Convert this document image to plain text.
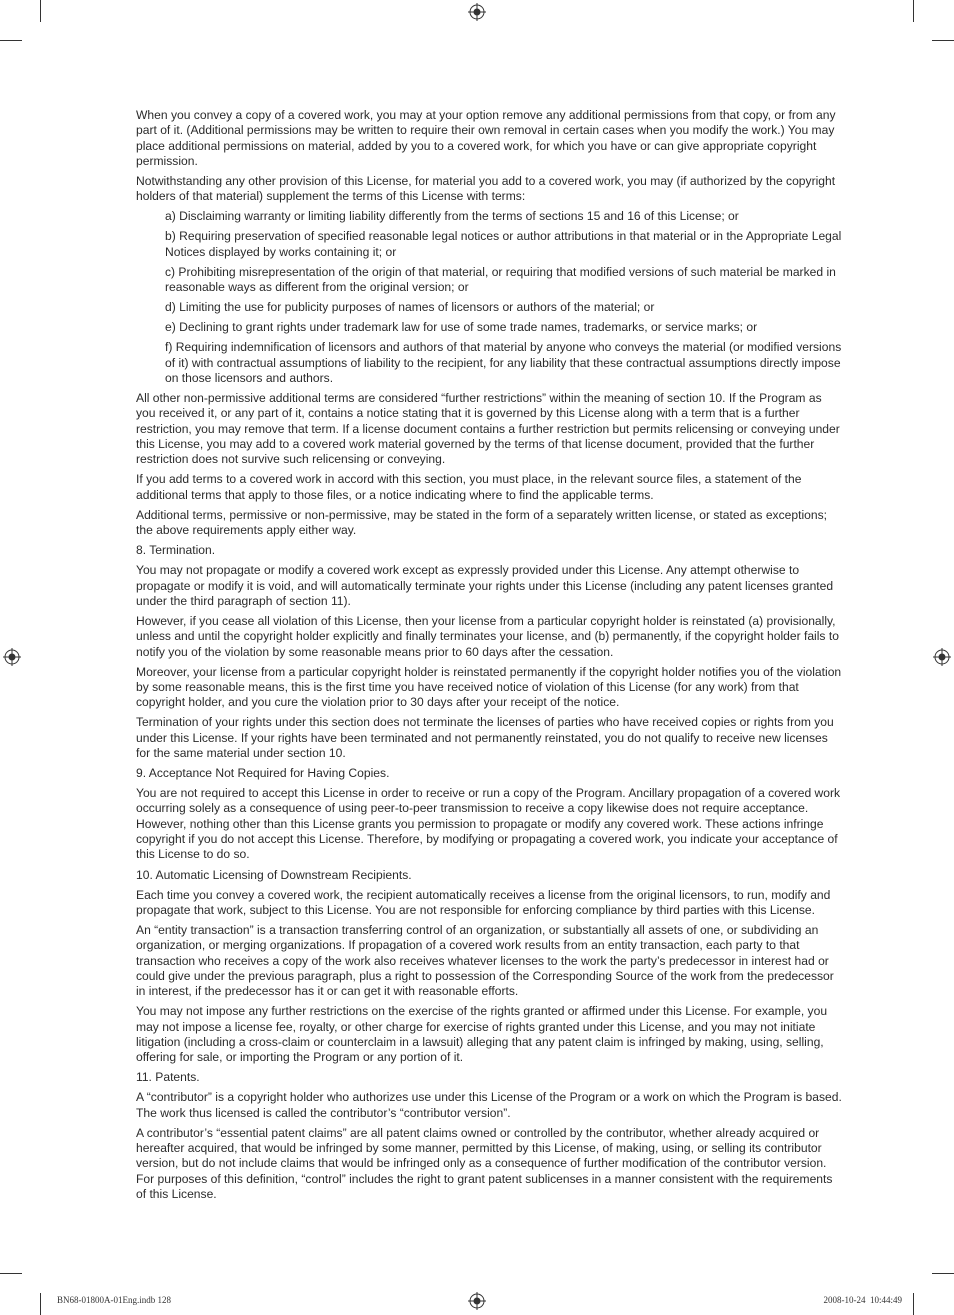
When you convey a copy of a covered work, you may at your option remove any additional permissions from that copy, or from any part of it. (Additional permissions may be written to require their own removal in certain cases when you modify the work.) You may place additional permissions on material, added by you to a covered work, for which you have or can give appropriate copyright permission.

Notwithstanding any other provision of this License, for material you add to a covered work, you may (if authorized by the copyright holders of that material) supplement the terms of this License with terms:

a) Disclaiming warranty or limiting liability differently from the terms of sections 15 and 16 of this License; or

b) Requiring preservation of specified reasonable legal notices or author attributions in that material or in the Appropriate Legal Notices displayed by works containing it; or

c) Prohibiting misrepresentation of the origin of that material, or requiring that modified versions of such material be marked in reasonable ways as different from the original version; or

d) Limiting the use for publicity purposes of names of licensors or authors of the material; or

e) Declining to grant rights under trademark law for use of some trade names, trademarks, or service marks; or

f) Requiring indemnification of licensors and authors of that material by anyone who conveys the material (or modified versions of it) with contractual assumptions of liability to the recipient, for any liability that these contractual assumptions directly impose on those licensors and authors.

All other non-permissive additional terms are considered “further restrictions” within the meaning of section 10. If the Program as you received it, or any part of it, contains a notice stating that it is governed by this License along with a term that is a further restriction, you may remove that term. If a license document contains a further restriction but permits relicensing or conveying under this License, you may add to a covered work material governed by the terms of that license document, provided that the further restriction does not survive such relicensing or conveying.

If you add terms to a covered work in accord with this section, you must place, in the relevant source files, a statement of the additional terms that apply to those files, or a notice indicating where to find the applicable terms.

Additional terms, permissive or non-permissive, may be stated in the form of a separately written license, or stated as exceptions; the above requirements apply either way.

8. Termination.

You may not propagate or modify a covered work except as expressly provided under this License. Any attempt otherwise to propagate or modify it is void, and will automatically terminate your rights under this License (including any patent licenses granted under the third paragraph of section 11).

However, if you cease all violation of this License, then your license from a particular copyright holder is reinstated (a) provisionally, unless and until the copyright holder explicitly and finally terminates your license, and (b) permanently, if the copyright holder fails to notify you of the violation by some reasonable means prior to 60 days after the cessation.

Moreover, your license from a particular copyright holder is reinstated permanently if the copyright holder notifies you of the violation by some reasonable means, this is the first time you have received notice of violation of this License (for any work) from that copyright holder, and you cure the violation prior to 30 days after your receipt of the notice.

Termination of your rights under this section does not terminate the licenses of parties who have received copies or rights from you under this License. If your rights have been terminated and not permanently reinstated, you do not qualify to receive new licenses for the same material under section 10.

9. Acceptance Not Required for Having Copies.

You are not required to accept this License in order to receive or run a copy of the Program. Ancillary propagation of a covered work occurring solely as a consequence of using peer-to-peer transmission to receive a copy likewise does not require acceptance. However, nothing other than this License grants you permission to propagate or modify any covered work. These actions infringe copyright if you do not accept this License. Therefore, by modifying or propagating a covered work, you indicate your acceptance of this License to do so.

10. Automatic Licensing of Downstream Recipients.

Each time you convey a covered work, the recipient automatically receives a license from the original licensors, to run, modify and propagate that work, subject to this License. You are not responsible for enforcing compliance by third parties with this License.

An “entity transaction” is a transaction transferring control of an organization, or substantially all assets of one, or subdividing an organization, or merging organizations. If propagation of a covered work results from an entity transaction, each party to that transaction who receives a copy of the work also receives whatever licenses to the work the party’s predecessor in interest had or could give under the previous paragraph, plus a right to possession of the Corresponding Source of the work from the predecessor in interest, if the predecessor has it or can get it with reasonable efforts.

You may not impose any further restrictions on the exercise of the rights granted or affirmed under this License. For example, you may not impose a license fee, royalty, or other charge for exercise of rights granted under this License, and you may not initiate litigation (including a cross-claim or counterclaim in a lawsuit) alleging that any patent claim is infringed by making, using, selling, offering for sale, or importing the Program or any portion of it.

11. Patents.

A “contributor” is a copyright holder who authorizes use under this License of the Program or a work on which the Program is based. The work thus licensed is called the contributor’s “contributor version”.

A contributor’s “essential patent claims” are all patent claims owned or controlled by the contributor, whether already acquired or hereafter acquired, that would be infringed by some manner, permitted by this License, of making, using, or selling its contributor version, but do not include claims that would be infringed only as a consequence of further modification of the contributor version. For purposes of this definition, “control” includes the right to grant patent sublicenses in a manner consistent with the requirements of this License.

BN68-01800A-01Eng.indb 128	2008-10-24 ︎︎ 10:44:49
